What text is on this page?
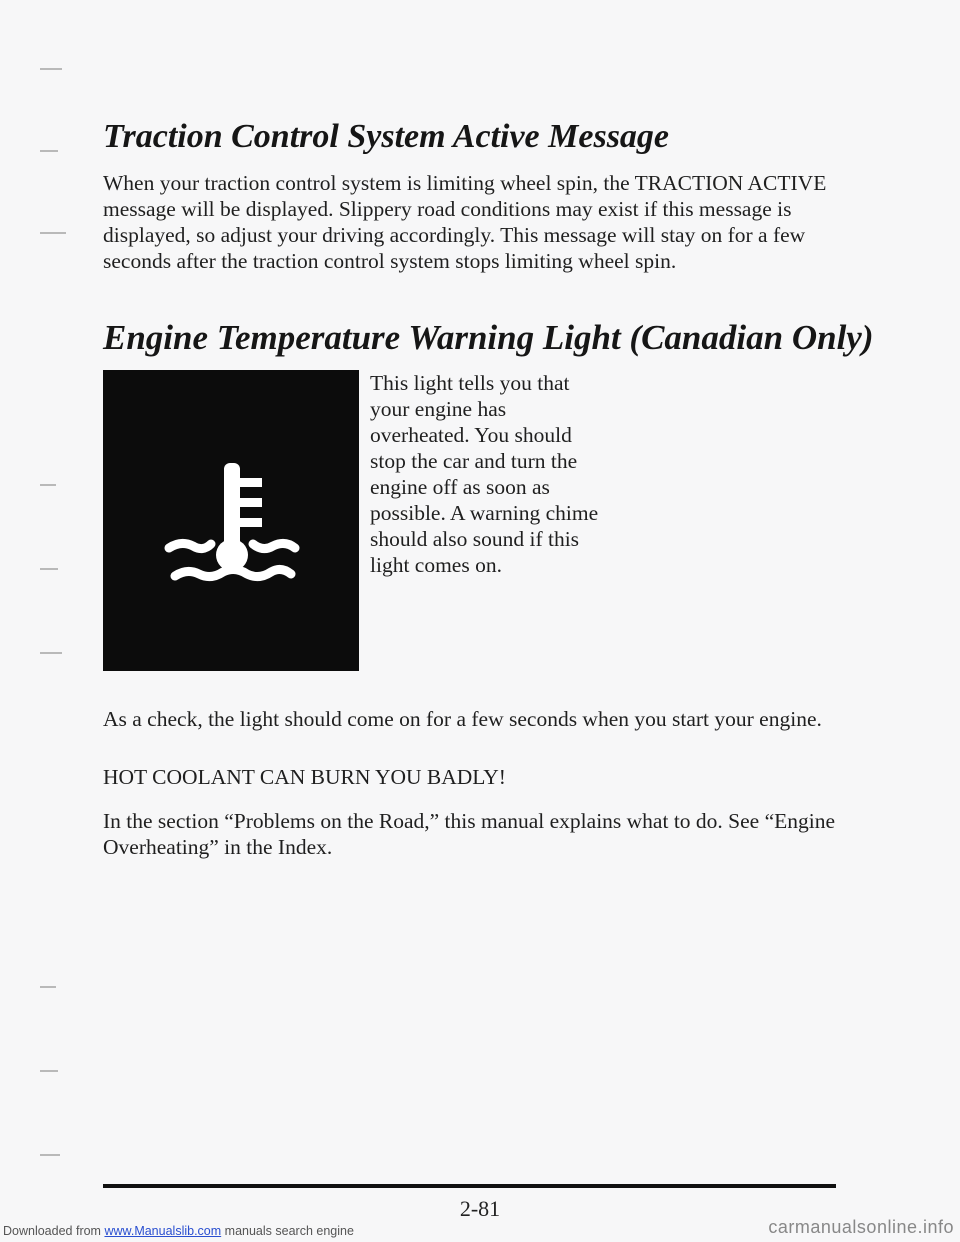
Traction Control System Active Message

When your traction control system is limiting wheel spin, the TRACTION ACTIVE message will be displayed. Slippery road conditions may exist if this message is displayed, so adjust your driving accordingly. This message will stay on for a few seconds after the traction control system stops limiting wheel spin.

Engine Temperature Warning Light (Canadian Only)

This light tells you that your engine has overheated. You should stop the car and turn the engine off as soon as possible. A warning chime should also sound if this light comes on.

As a check, the light should come on for a few seconds when you start your engine.

HOT COOLANT CAN BURN YOU BADLY!

In the section “Problems on the Road,” this manual explains what to do. See “Engine Overheating” in the Index.

2-81
Downloaded from www.Manualslib.com manuals search engine	carmanualsonline.info
